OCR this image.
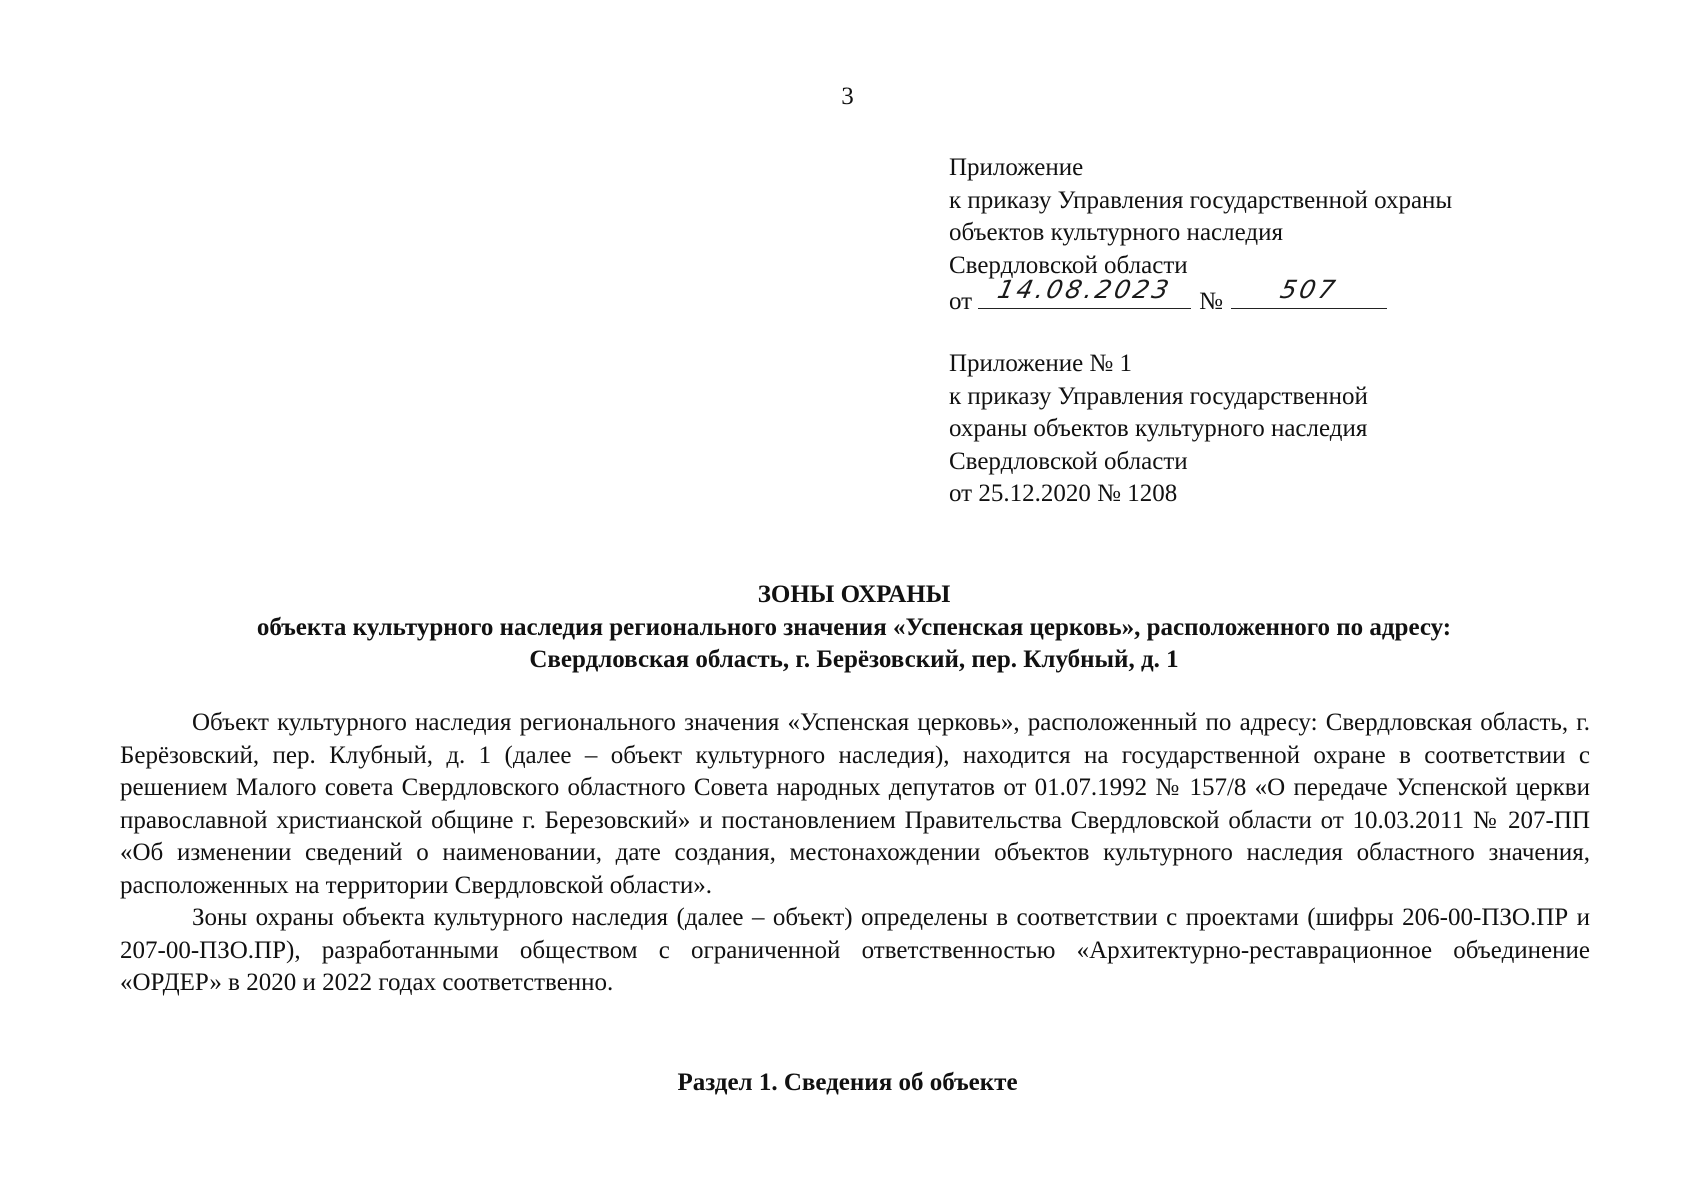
3
Приложение
к приказу Управления государственной охраны
объектов культурного наследия
Свердловской области
от 14.08.2023 №	507
Приложение № 1
к приказу Управления государственной
охраны объектов культурного наследия
Свердловской области
от 25.12.2020 № 1208
ЗОНЫ ОХРАНЫ
объекта культурного наследия регионального значения «Успенская церковь», расположенного по адресу:
Свердловская область, г. Берёзовский, пер. Клубный, д. 1

Объект культурного наследия регионального значения «Успенская церковь», расположенный по адресу: Свердловская область, г. Берёзовский, пер. Клубный, д. 1 (далее – объект культурного наследия), находится на государственной охране в соответствии с решением Малого совета Свердловского областного Совета народных депутатов от 01.07.1992 № 157/8 «О передаче Успенской церкви православной христианской общине г. Березовский» и постановлением Правительства Свердловской области от 10.03.2011 № 207-ПП «Об изменении сведений о наименовании, дате создания, местонахождении объектов культурного наследия областного значения, расположенных на территории Свердловской области».

Зоны охраны объекта культурного наследия (далее – объект) определены в соответствии с проектами (шифры 206-00-ПЗО.ПР и 207-00-ПЗО.ПР), разработанными обществом с ограниченной ответственностью «Архитектурно-реставрационное объединение «ОРДЕР» в 2020 и 2022 годах соответственно.

Раздел 1. Сведения об объекте
